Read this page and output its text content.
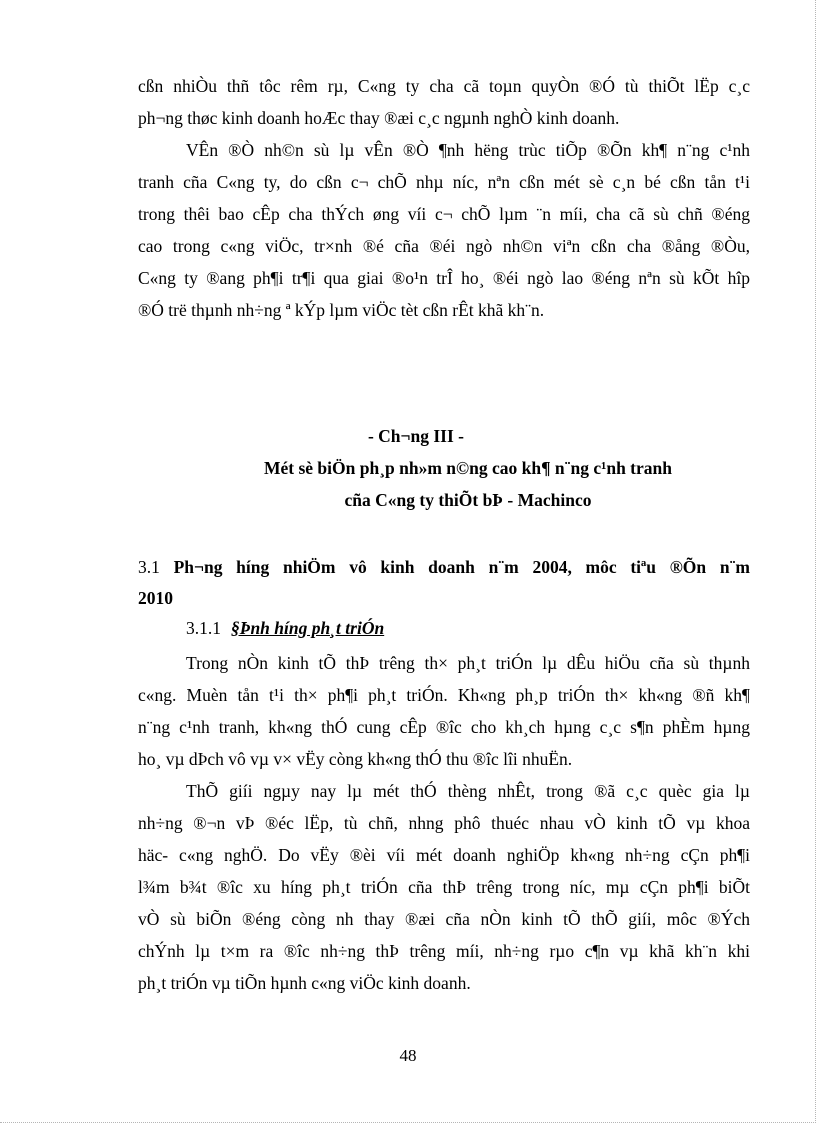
cßn nhiÒu thñ tôc rêm rµ, C«ng ty cha cã toµn quyÒn ®Ó tù thiÕt lËp c¸c
ph¬ng thøc kinh doanh hoÆc thay ®æi c¸c ngµnh nghÒ kinh doanh.
VÊn ®Ò nh©n sù lµ vÊn ®Ò ¶nh hëng trùc tiÕp ®Õn kh¶ n¨ng c¹nh
tranh cña C«ng ty, do cßn c¬ chÕ nhµ níc, nªn cßn mét sè c¸n bé cßn tån t¹i
trong thêi bao cÊp cha thÝch øng víi c¬ chÕ lµm ¨n míi, cha cã sù chñ ®éng
cao trong c«ng viÖc, tr×nh ®é cña ®éi ngò nh©n viªn cßn cha ®ång ®Òu,
C«ng ty ®ang ph¶i tr¶i qua giai ®o¹n trÎ ho¸ ®éi ngò lao ®éng nªn sù kÕt hîp
®Ó trë thµnh nh÷ng ª kÝp lµm viÖc tèt cßn rÊt khã kh¨n.
- Ch¬ng III -
Mét sè biÖn ph¸p nh»m n©ng cao kh¶ n¨ng c¹nh tranh
cña C«ng ty thiÕt bÞ - Machinco
3.1 Ph¬ng híng nhiÖm vô kinh doanh n¨m 2004, môc tiªu ®Õn n¨m
2010
3.1.1 §Þnh híng ph¸t triÓn
Trong nÒn kinh tÕ thÞ trêng th× ph¸t triÓn lµ dÊu hiÖu cña sù thµnh
c«ng. Muèn tån t¹i th× ph¶i ph¸t triÓn. Kh«ng ph¸p triÓn th× kh«ng ®ñ kh¶
n¨ng c¹nh tranh, kh«ng thÓ cung cÊp ®îc cho kh¸ch hµng c¸c s¶n phÈm hµng
ho¸ vµ dÞch vô vµ v× vËy còng kh«ng thÓ thu ®îc lîi nhuËn.
ThÕ giíi ngµy nay lµ mét thÓ thèng nhÊt, trong ®ã c¸c quèc gia lµ
nh÷ng ®¬n vÞ ®éc lËp, tù chñ, nhng phô thuéc nhau vÒ kinh tÕ vµ khoa
häc- c«ng nghÖ. Do vËy ®èi víi mét doanh nghiÖp kh«ng nh÷ng cÇn ph¶i
l¾m b¾t ®îc xu híng ph¸t triÓn cña thÞ trêng trong níc, mµ cÇn ph¶i biÕt
vÒ sù biÕn ®éng còng nh thay ®æi cña nÒn kinh tÕ thÕ giíi, môc ®Ých
chÝnh lµ t×m ra ®îc nh÷ng thÞ trêng míi, nh÷ng rµo c¶n vµ khã kh¨n khi
ph¸t triÓn vµ tiÕn hµnh c«ng viÖc kinh doanh.
48
